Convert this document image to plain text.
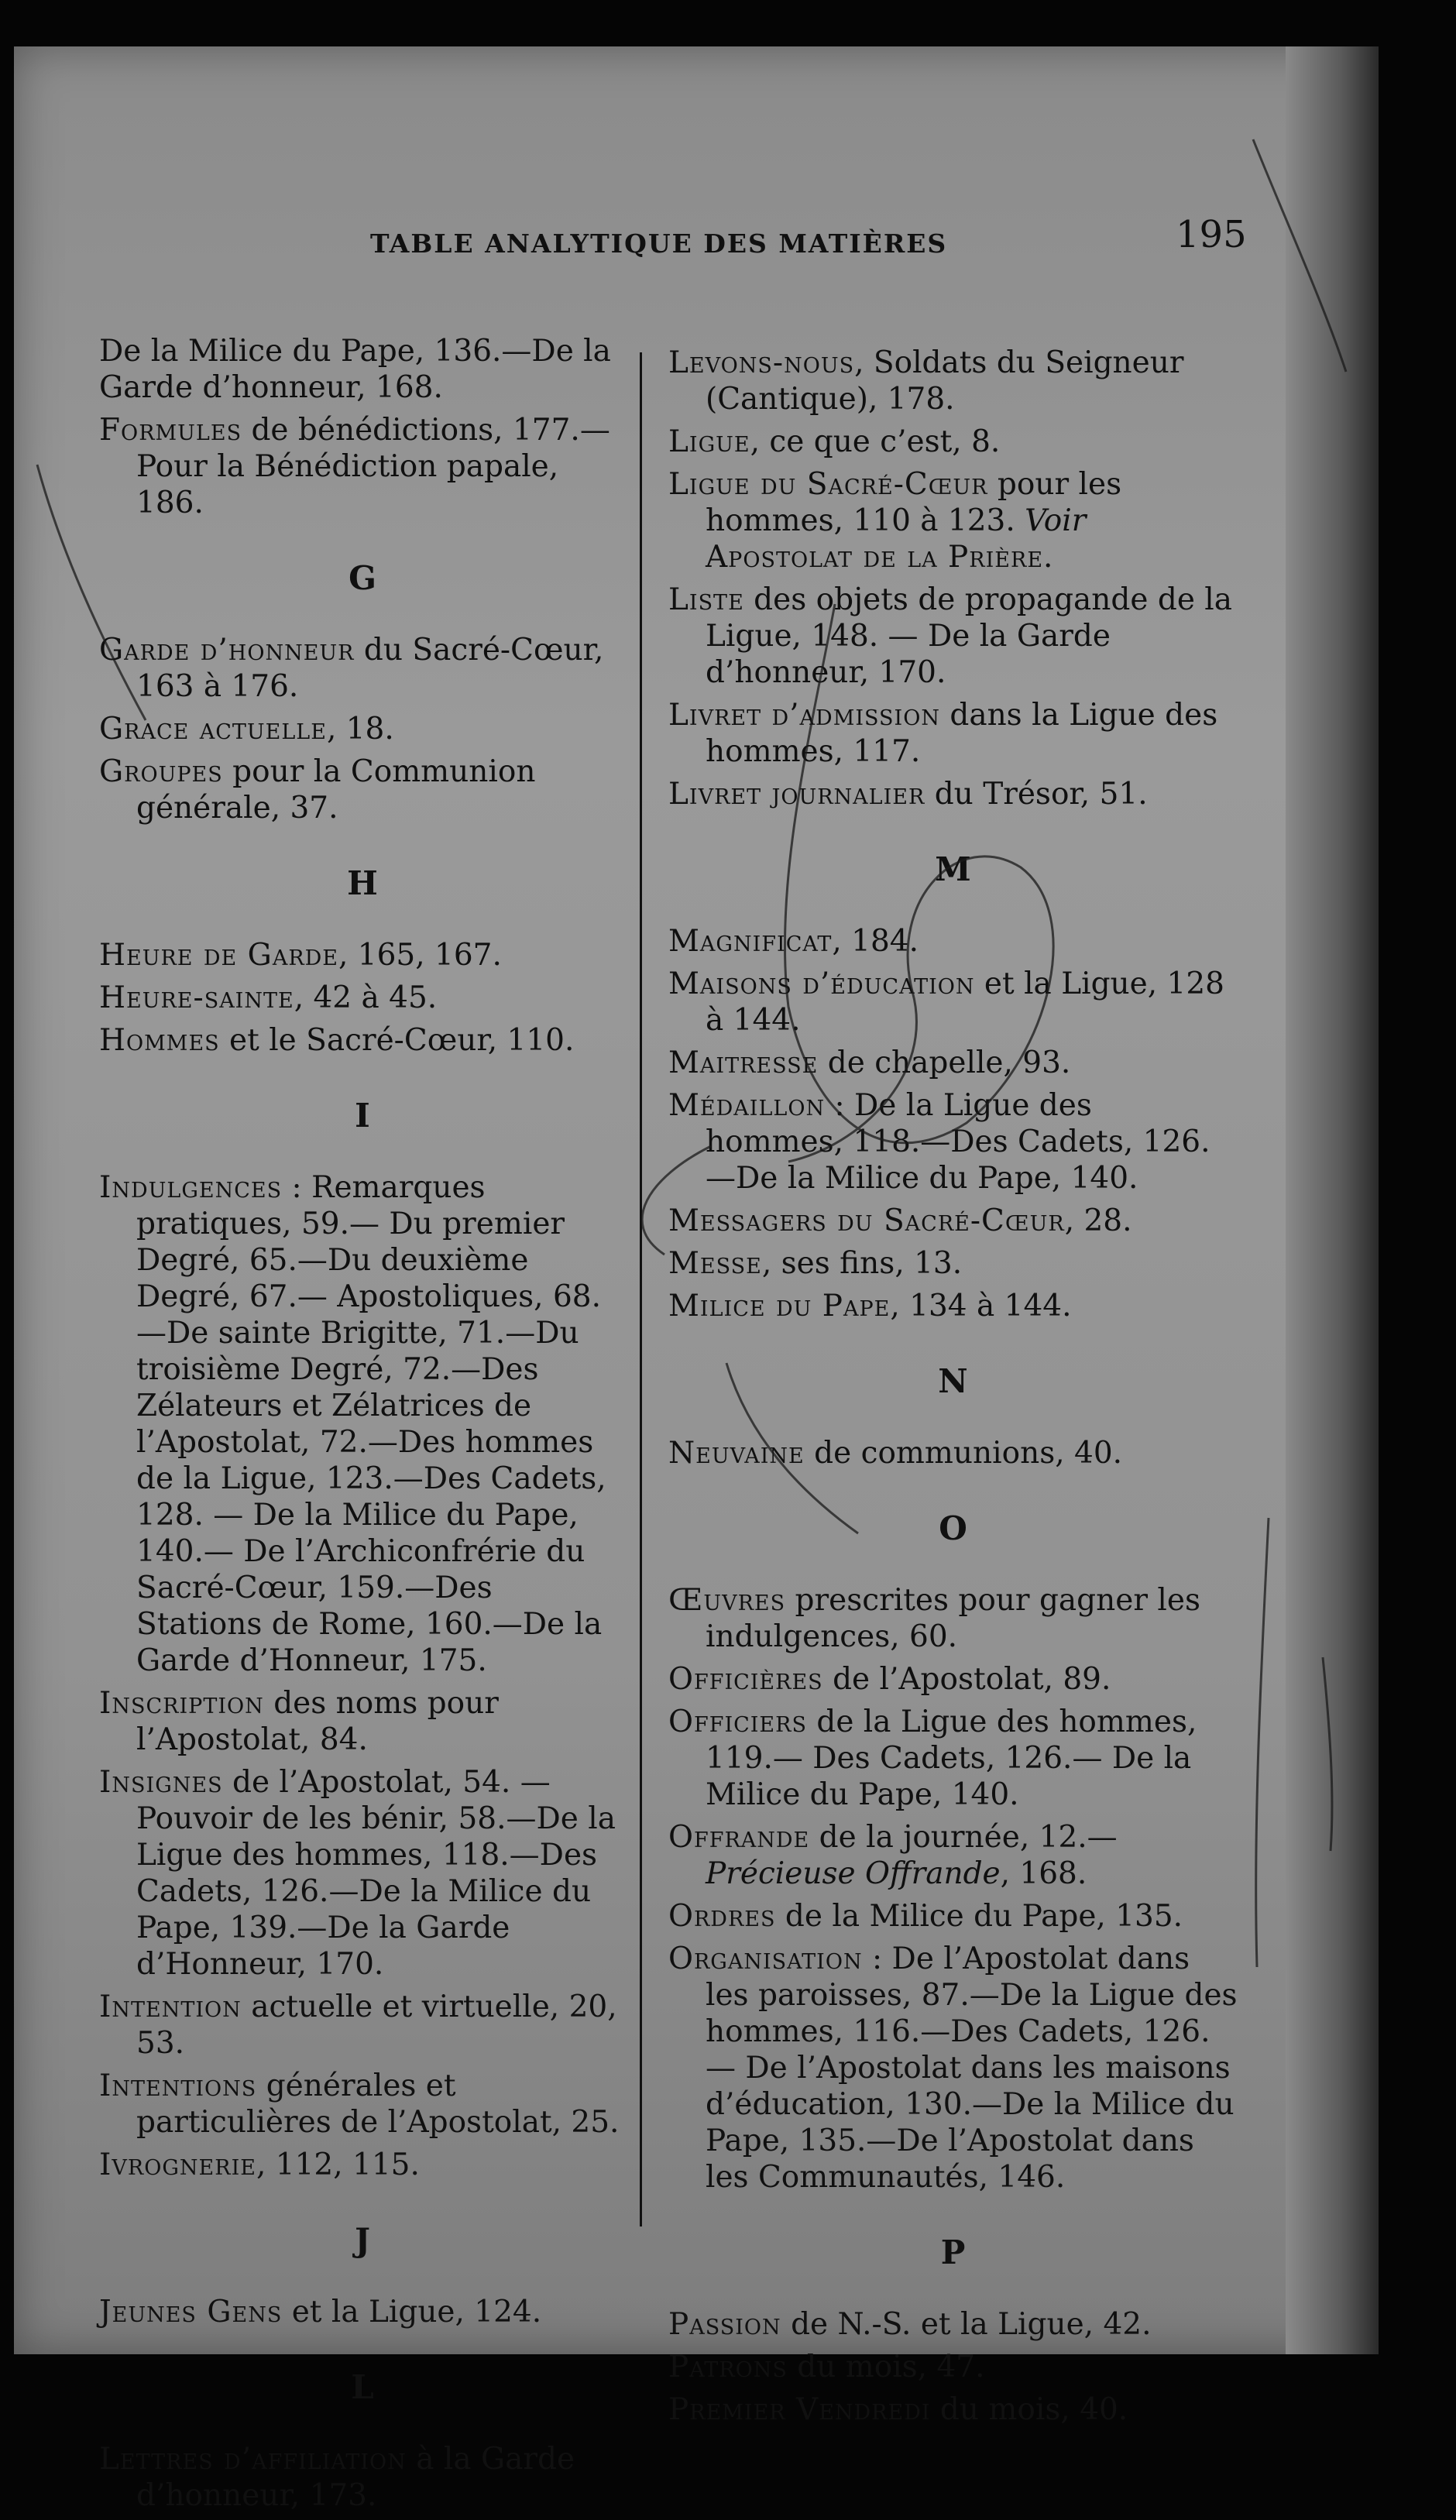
TABLE ANALYTIQUE DES MATIÈRES	195
De la Milice du Pape, 136.—De la Garde d’honneur, 168.
Formules de bénédictions, 177.— Pour la Bénédiction papale, 186.
G
Garde d’honneur du Sacré-Cœur, 163 à 176.
Grace actuelle, 18.
Groupes pour la Communion générale, 37.
H
Heure de Garde, 165, 167.
Heure-sainte, 42 à 45.
Hommes et le Sacré-Cœur, 110.
I
Indulgences : Remarques pratiques, 59.— Du premier Degré, 65.—Du deuxième Degré, 67.— Apostoliques, 68.—De sainte Brigitte, 71.—Du troisième Degré, 72.—Des Zélateurs et Zélatrices de l’Apostolat, 72.—Des hommes de la Ligue, 123.—Des Cadets, 128. — De la Milice du Pape, 140.— De l’Archiconfrérie du Sacré-Cœur, 159.—Des Stations de Rome, 160.—De la Garde d’Honneur, 175.
Inscription des noms pour l’Apostolat, 84.
Insignes de l’Apostolat, 54. — Pouvoir de les bénir, 58.—De la Ligue des hommes, 118.—Des Cadets, 126.—De la Milice du Pape, 139.—De la Garde d’Honneur, 170.
Intention actuelle et virtuelle, 20, 53.
Intentions générales et particulières de l’Apostolat, 25.
Ivrognerie, 112, 115.
J
Jeunes Gens et la Ligue, 124.
L
Lettres d’affiliation à la Garde d’honneur, 173.
Levons-nous, Soldats du Seigneur (Cantique), 178.
Ligue, ce que c’est, 8.
Ligue du Sacré-Cœur pour les hommes, 110 à 123. Voir Apostolat de la Prière.
Liste des objets de propagande de la Ligue, 148. — De la Garde d’honneur, 170.
Livret d’admission dans la Ligue des hommes, 117.
Livret journalier du Trésor, 51.
M
Magnificat, 184.
Maisons d’éducation et la Ligue, 128 à 144.
Maitresse de chapelle, 93.
Médaillon : De la Ligue des hommes, 118.—Des Cadets, 126. —De la Milice du Pape, 140.
Messagers du Sacré-Cœur, 28.
Messe, ses fins, 13.
Milice du Pape, 134 à 144.
N
Neuvaine de communions, 40.
O
Œuvres prescrites pour gagner les indulgences, 60.
Officières de l’Apostolat, 89.
Officiers de la Ligue des hommes, 119.— Des Cadets, 126.— De la Milice du Pape, 140.
Offrande de la journée, 12.— Précieuse Offrande, 168.
Ordres de la Milice du Pape, 135.
Organisation : De l’Apostolat dans les paroisses, 87.—De la Ligue des hommes, 116.—Des Cadets, 126. — De l’Apostolat dans les maisons d’éducation, 130.—De la Milice du Pape, 135.—De l’Apostolat dans les Communautés, 146.
P
Passion de N.-S. et la Ligue, 42.
Patrons du mois, 47.
Premier Vendredi du mois, 40.
